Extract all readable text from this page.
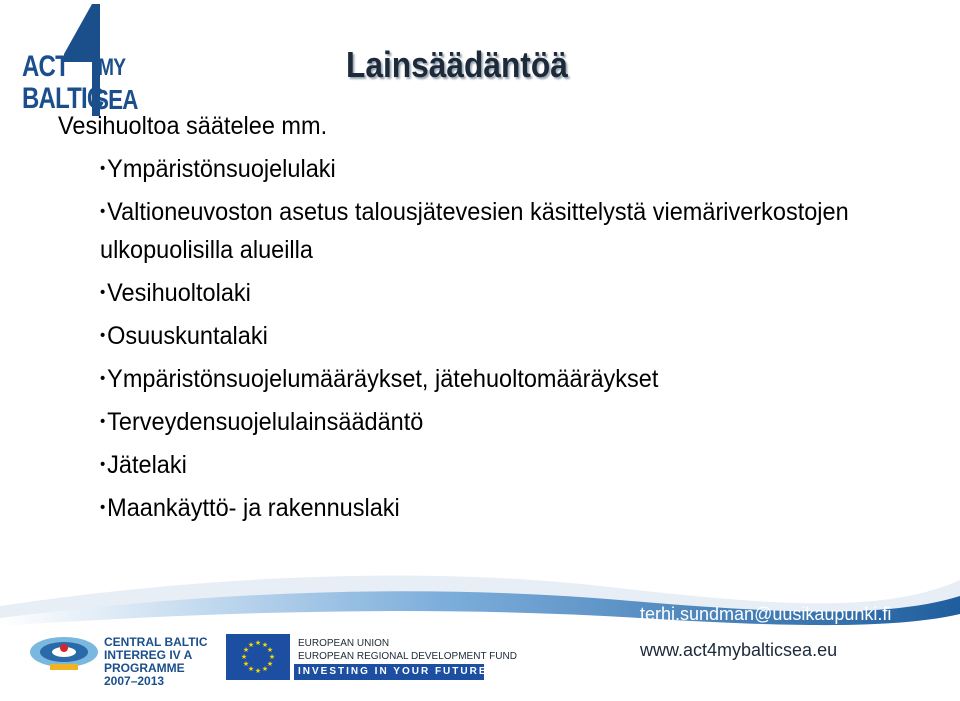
ACT MY
BALTIC
SEA
Lainsäädäntöä
Vesihuoltoa säätelee mm.
•Ympäristönsuojelulaki
•Valtioneuvoston asetus talousjätevesien käsittelystä viemäriverkostojen
ulkopuolisilla alueilla
•Vesihuoltolaki
•Osuuskuntalaki
•Ympäristönsuojelumääräykset, jätehuoltomääräykset
•Terveydensuojelulainsäädäntö
•Jätelaki
•Maankäyttö- ja rakennuslaki
terhi.sundman@uusikaupunki.fi
www.act4mybalticsea.eu
CENTRAL BALTIC
INTERREG IV A
PROGRAMME
2007–2013
★ ★
★
★
★
★
★
★
★
★
★
★	EUROPEAN UNION
EUROPEAN REGIONAL DEVELOPMENT FUND
INVESTING IN YOUR FUTURE
